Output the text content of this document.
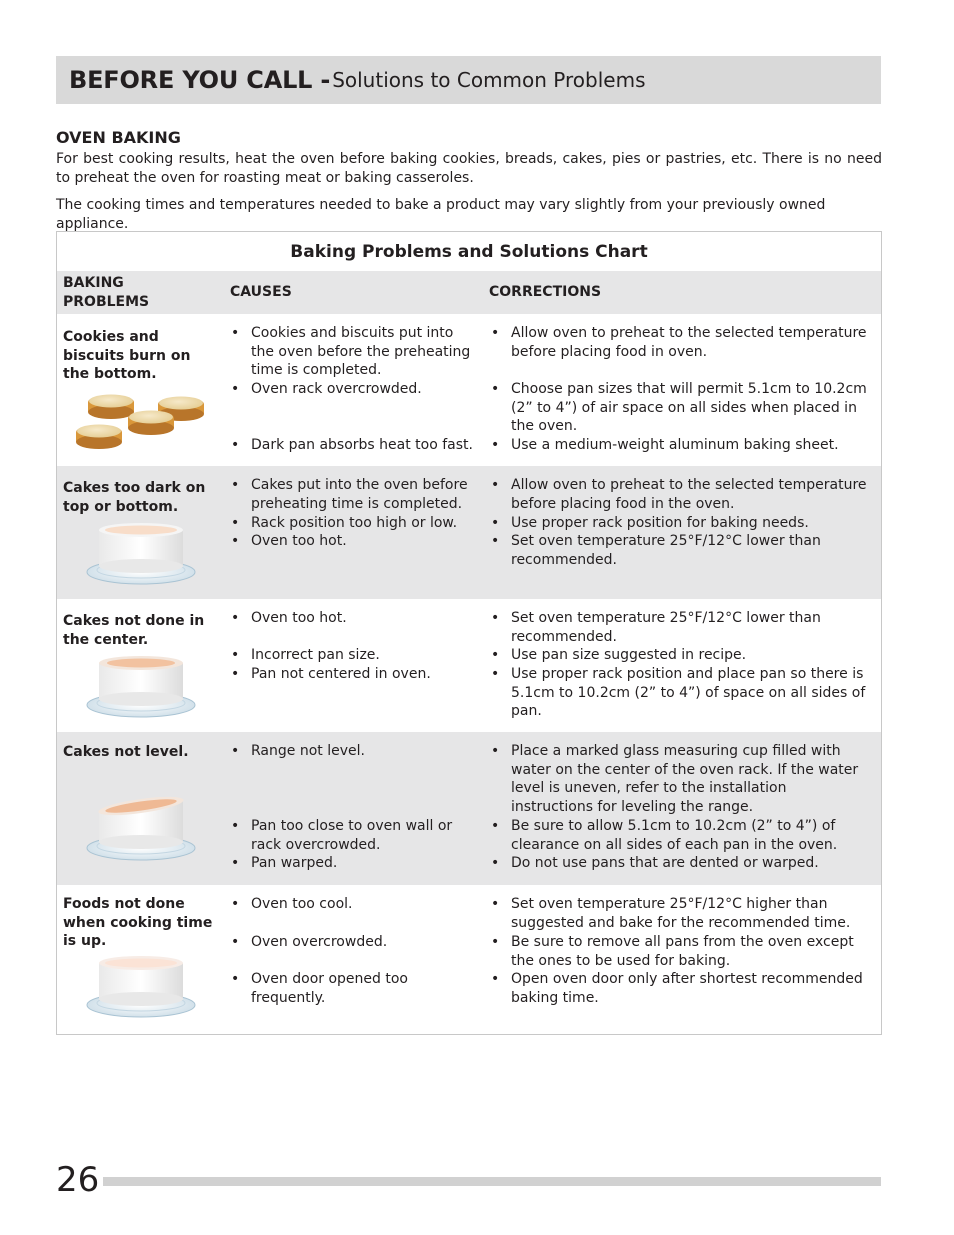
BEFORE YOU CALL - Solutions to Common Problems
OVEN BAKING

For best cooking results, heat the oven before baking cookies, breads, cakes, pies or pastries, etc. There is no need to preheat the oven for roasting meat or baking casseroles.

The cooking times and temperatures needed to bake a product may vary slightly from your previously owned appliance.

Baking Problems and Solutions Chart
BAKING PROBLEMS
CAUSES	CORRECTIONS
Cookies and biscuits burn on the bottom.
• Cookies and biscuits put into the oven before the preheating time is completed.
• Oven rack overcrowded.
• Dark pan absorbs heat too fast.
• Allow oven to preheat to the selected temperature before placing food in oven.
• Choose pan sizes that will permit 5.1cm to 10.2cm (2” to 4”) of air space on all sides when placed in the oven.
• Use a medium-weight aluminum baking sheet.
Cakes too dark on top or bottom.
• Cakes put into the oven before preheating time is completed.
• Rack position too high or low.
• Oven too hot.
• Allow oven to preheat to the selected temperature before placing food in the oven.
• Use proper rack position for baking needs.
• Set oven temperature 25°F/12°C lower than recommended.
Cakes not done in the center.
• Oven too hot.
• Incorrect pan size.
• Pan not centered in oven.
• Set oven temperature 25°F/12°C lower than recommended.
• Use pan size suggested in recipe.
• Use proper rack position and place pan so there is 5.1cm to 10.2cm (2” to 4”) of space on all sides of pan.
Cakes not level.
•	Range not level.
• Pan too close to oven wall or rack overcrowded.
• Pan warped.
• Place a marked glass measuring cup filled with water on the center of the oven rack. If the water level is uneven, refer to the installation instructions for leveling the range.
• Be sure to allow 5.1cm to 10.2cm (2” to 4”) of clearance on all sides of each pan in the oven.
• Do not use pans that are dented or warped.
Foods not done when cooking time is up.
• Oven too cool.
• Oven overcrowded.
• Oven door opened too frequently.
• Set oven temperature 25°F/12°C higher than suggested and bake for the recommended time.
• Be sure to remove all pans from the oven except the ones to be used for baking.
• Open oven door only after shortest recommended baking time.
26
